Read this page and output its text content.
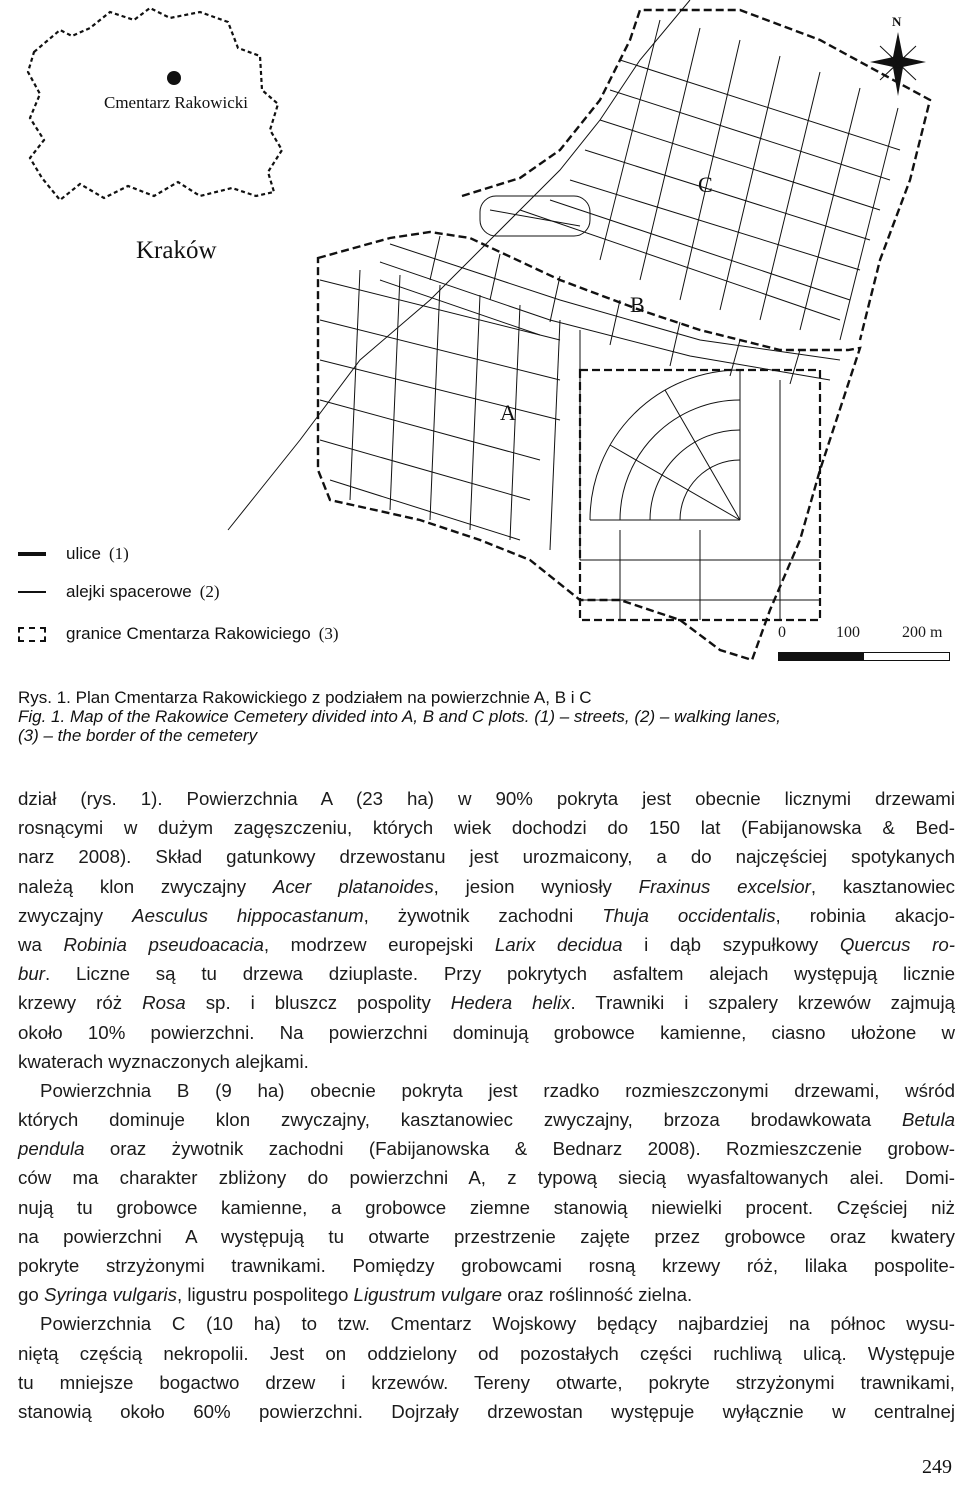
Cmentarz Rakowicki
Kraków
N
A
B
C
ulice (1)
alejki spacerowe (2)
granice Cmentarza Rakowiciego (3)	0	100	200 m
Rys. 1. Plan Cmentarza Rakowickiego z podziałem na powierzchnie A, B i C
Fig. 1. Map of the Rakowice Cemetery divided into A, B and C plots. (1) – streets, (2) – walking lanes,
(3) – the border of the cemetery
dział (rys. 1). Powierzchnia A (23 ha) w 90% pokryta jest obecnie licznymi drzewami
rosnącymi w dużym zagęszczeniu, których wiek dochodzi do 150 lat (Fabijanowska & Bed-
narz 2008). Skład gatunkowy drzewostanu jest urozmaicony, a do najczęściej spotykanych
należą klon zwyczajny Acer platanoides, jesion wyniosły Fraxinus excelsior, kasztanowiec
zwyczajny Aesculus hippocastanum, żywotnik zachodni Thuja occidentalis, robinia akacjo-
wa Robinia pseudoacacia, modrzew europejski Larix decidua i dąb szypułkowy Quercus ro-
bur. Liczne są tu drzewa dziuplaste. Przy pokrytych asfaltem alejach występują licznie
krzewy róż Rosa sp. i bluszcz pospolity Hedera helix. Trawniki i szpalery krzewów zajmują
około 10% powierzchni. Na powierzchni dominują grobowce kamienne, ciasno ułożone w
kwaterach wyznaczonych alejkami.
Powierzchnia B (9 ha) obecnie pokryta jest rzadko rozmieszczonymi drzewami, wśród
których dominuje klon zwyczajny, kasztanowiec zwyczajny, brzoza brodawkowata Betula
pendula oraz żywotnik zachodni (Fabijanowska & Bednarz 2008). Rozmieszczenie grobow-
ców ma charakter zbliżony do powierzchni A, z typową siecią wyasfaltowanych alei. Domi-
nują tu grobowce kamienne, a grobowce ziemne stanowią niewielki procent. Częściej niż
na powierzchni A występują tu otwarte przestrzenie zajęte przez grobowce oraz kwatery
pokryte strzyżonymi trawnikami. Pomiędzy grobowcami rosną krzewy róż, lilaka pospolite-
go Syringa vulgaris, ligustru pospolitego Ligustrum vulgare oraz roślinność zielna.
Powierzchnia C (10 ha) to tzw. Cmentarz Wojskowy będący najbardziej na północ wysu-
niętą częścią nekropolii. Jest on oddzielony od pozostałych części ruchliwą ulicą. Występuje
tu mniejsze bogactwo drzew i krzewów. Tereny otwarte, pokryte strzyżonymi trawnikami,
stanowią około 60% powierzchni. Dojrzały drzewostan występuje wyłącznie w centralnej
249
